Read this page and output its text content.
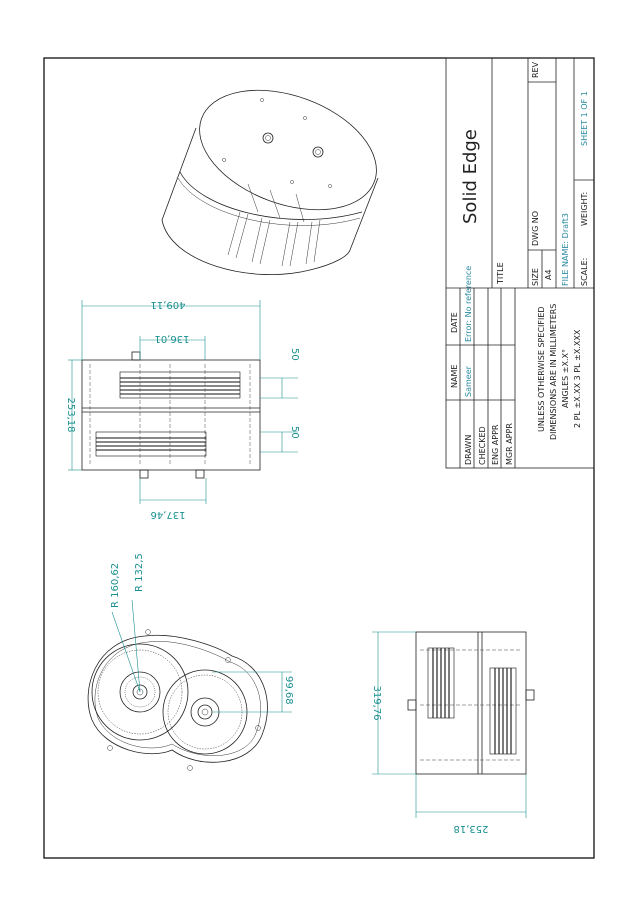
409,11
136,01
253,18
137,46
50
50
R 160,62 R 132,5
99,68	319,76
253,18
Solid Edge
TITLE
NAME
DATE
DRAWN
Sameer
Error: No reference
CHECKED ENG APPR MGR APPR
UNLESS OTHERWISE SPECIFIED DIMENSIONS ARE IN MILLIMETERS ANGLES ±X.X° 2 PL ±X.XX 3 PL ±X.XXX
SIZE A4
DWG NO
REV
FILE NAME: Draft3 SCALE:
WEIGHT:
SHEET 1 OF 1
